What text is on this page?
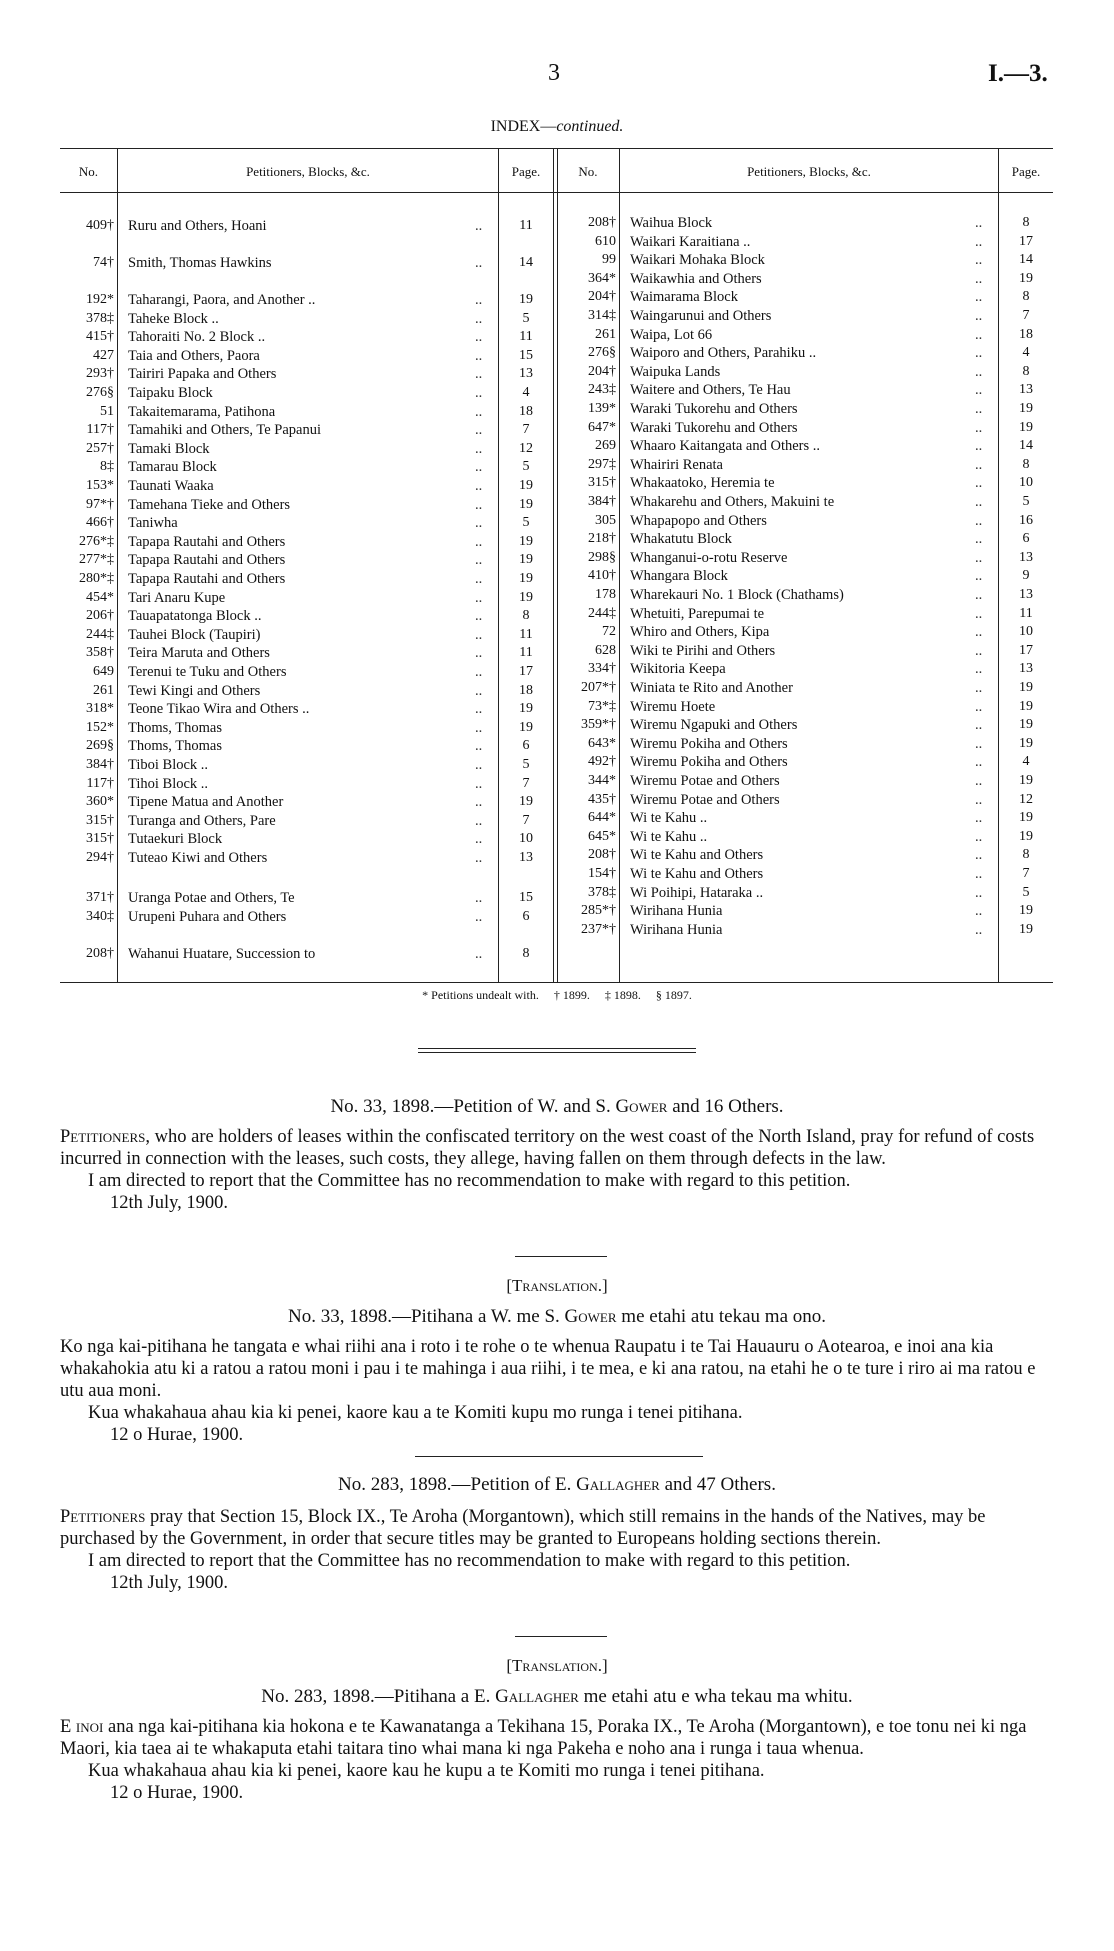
3	I.—3.
INDEX—continued.
No.	Petitioners, Blocks, &c.	Page.	No.	Petitioners, Blocks, &c.	Page.
409† Ruru and Others, Hoani	..	11
74† Smith, Thomas Hawkins	..	14
192* Taharangi, Paora, and Another ..	..	19
378‡ Taheke Block ..	..	5
415† Tahoraiti No. 2 Block ..	..	11
427 Taia and Others, Paora	..	15
293† Tairiri Papaka and Others	..	13
276§ Taipaku Block	..	4
51 Takaitemarama, Patihona	..	18
117† Tamahiki and Others, Te Papanui	..	7
257† Tamaki Block	..	12
8‡ Tamarau Block	..	5
153* Taunati Waaka	..	19
97*† Tamehana Tieke and Others	..	19
466† Taniwha	..	5
276*‡ Tapapa Rautahi and Others	..	19
277*‡ Tapapa Rautahi and Others	..	19
280*‡ Tapapa Rautahi and Others	..	19
454* Tari Anaru Kupe	..	19
206† Tauapatatonga Block ..	..	8
244‡ Tauhei Block (Taupiri)	..	11
358† Teira Maruta and Others	..	11
649 Terenui te Tuku and Others	..	17
261 Tewi Kingi and Others	..	18
318* Teone Tikao Wira and Others ..	..	19
152* Thoms, Thomas	..	19
269§ Thoms, Thomas	..	6
384† Tiboi Block ..	..	5
117† Tihoi Block ..	..	7
360* Tipene Matua and Another	..	19
315† Turanga and Others, Pare	..	7
315† Tutaekuri Block	..	10
294† Tuteao Kiwi and Others	..	13
371† Uranga Potae and Others, Te	..	15
340‡ Urupeni Puhara and Others	..	6
208† Wahanui Huatare, Succession to	..	8
208† Waihua Block	..	8
610 Waikari Karaitiana ..	..	17
99 Waikari Mohaka Block	..	14
364* Waikawhia and Others	..	19
204† Waimarama Block	..	8
314‡ Waingarunui and Others	..	7
261 Waipa, Lot 66	..	18
276§ Waiporo and Others, Parahiku ..	..	4
204† Waipuka Lands	..	8
243‡ Waitere and Others, Te Hau	..	13
139* Waraki Tukorehu and Others	..	19
647* Waraki Tukorehu and Others	..	19
269 Whaaro Kaitangata and Others ..	..	14
297‡ Whairiri Renata	..	8
315† Whakaatoko, Heremia te	..	10
384† Whakarehu and Others, Makuini te	..	5
305 Whapapopo and Others	..	16
218† Whakatutu Block	..	6
298§ Whanganui-o-rotu Reserve	..	13
410† Whangara Block	..	9
178 Wharekauri No. 1 Block (Chathams)	..	13
244‡ Whetuiti, Parepumai te	..	11
72 Whiro and Others, Kipa	..	10
628 Wiki te Pirihi and Others	..	17
334† Wikitoria Keepa	..	13
207*† Winiata te Rito and Another	..	19
73*‡ Wiremu Hoete	..	19
359*† Wiremu Ngapuki and Others	..	19
643* Wiremu Pokiha and Others	..	19
492† Wiremu Pokiha and Others	..	4
344* Wiremu Potae and Others	..	19
435† Wiremu Potae and Others	..	12
644* Wi te Kahu ..	..	19
645* Wi te Kahu ..	..	19
208† Wi te Kahu and Others	..	8
154† Wi te Kahu and Others	..	7
378‡ Wi Poihipi, Hataraka ..	..	5
285*† Wirihana Hunia	..	19
237*† Wirihana Hunia	..	19
* Petitions undealt with.     † 1899.     ‡ 1898.     § 1897.
No. 33, 1898.—Petition of W. and S. Gower and 16 Others.

Petitioners, who are holders of leases within the confiscated territory on the west coast of the North Island, pray for refund of costs incurred in connection with the leases, such costs, they allege, having fallen on them through defects in the law.

I am directed to report that the Committee has no recommendation to make with regard to this petition.

12th July, 1900.

[Translation.]
No. 33, 1898.—Pitihana a W. me S. Gower me etahi atu tekau ma ono.

Ko nga kai-pitihana he tangata e whai riihi ana i roto i te rohe o te whenua Raupatu i te Tai Hauauru o Aotearoa, e inoi ana kia whakahokia atu ki a ratou a ratou moni i pau i te mahinga i aua riihi, i te mea, e ki ana ratou, na etahi he o te ture i riro ai ma ratou e utu aua moni.

Kua whakahaua ahau kia ki penei, kaore kau a te Komiti kupu mo runga i tenei pitihana.

12 o Hurae, 1900.

No. 283, 1898.—Petition of E. Gallagher and 47 Others.

Petitioners pray that Section 15, Block IX., Te Aroha (Morgantown), which still remains in the hands of the Natives, may be purchased by the Government, in order that secure titles may be granted to Europeans holding sections therein.

I am directed to report that the Committee has no recommendation to make with regard to this petition.

12th July, 1900.

[Translation.]
No. 283, 1898.—Pitihana a E. Gallagher me etahi atu e wha tekau ma whitu.

E inoi ana nga kai-pitihana kia hokona e te Kawanatanga a Tekihana 15, Poraka IX., Te Aroha (Morgantown), e toe tonu nei ki nga Maori, kia taea ai te whakaputa etahi taitara tino whai mana ki nga Pakeha e noho ana i runga i taua whenua.

Kua whakahaua ahau kia ki penei, kaore kau he kupu a te Komiti mo runga i tenei pitihana.

12 o Hurae, 1900.
